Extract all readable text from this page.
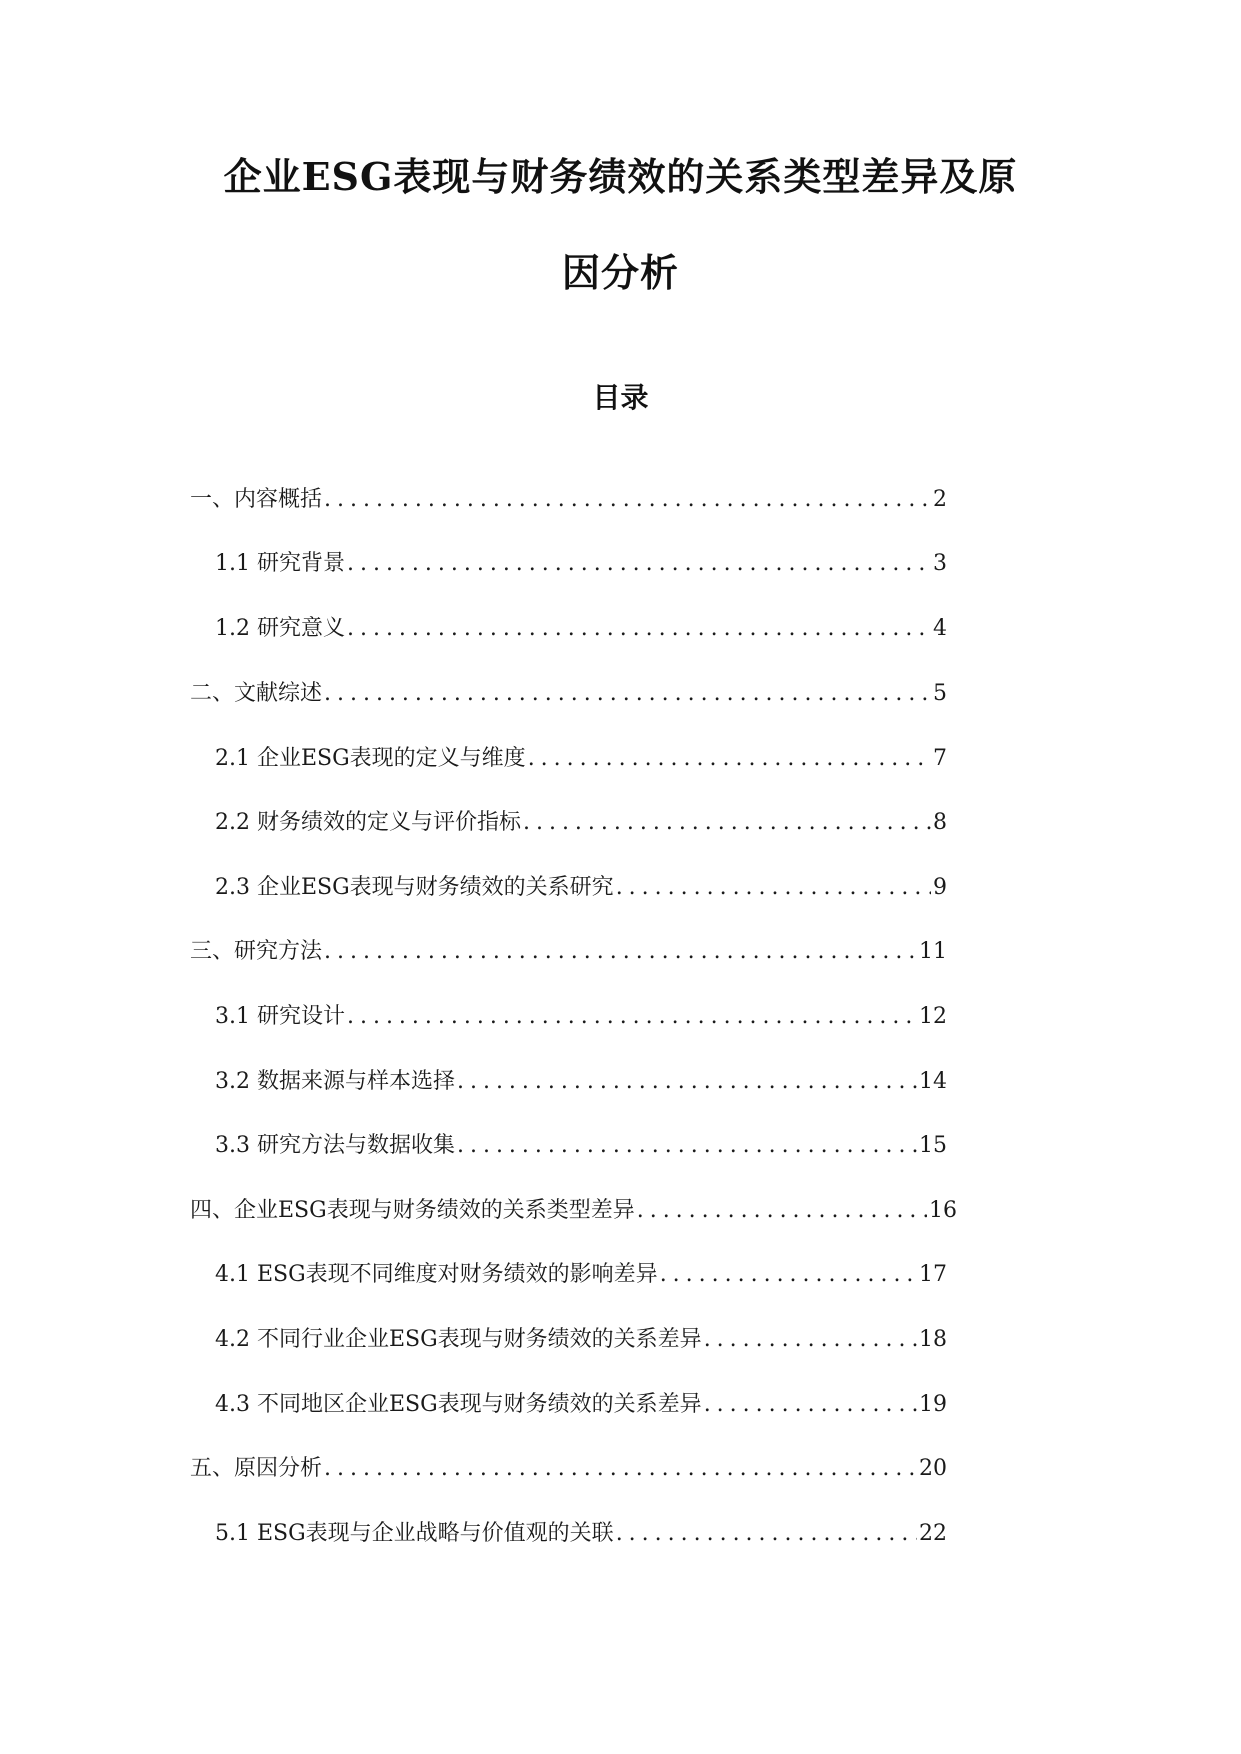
企业ESG表现与财务绩效的关系类型差异及原
因分析
目录
一、内容概括 . . .	2
1.1 研究背景 . . .	3
1.2 研究意义 . . .	4
二、文献综述 . . .	5
2.1 企业ESG表现的定义与维度 . . .	7
2.2 财务绩效的定义与评价指标 . . .	8
2.3 企业ESG表现与财务绩效的关系研究 . . .	9
三、研究方法 . . .	11
3.1 研究设计 . . .	12
3.2 数据来源与样本选择 . . .	14
3.3 研究方法与数据收集 . . .	15
四、企业ESG表现与财务绩效的关系类型差异 . . .	16
4.1 ESG表现不同维度对财务绩效的影响差异 . . .	17
4.2 不同行业企业ESG表现与财务绩效的关系差异 . . .	18
4.3 不同地区企业ESG表现与财务绩效的关系差异 . . .	19
五、原因分析 . . .	20
5.1 ESG表现与企业战略与价值观的关联 . . .	22
